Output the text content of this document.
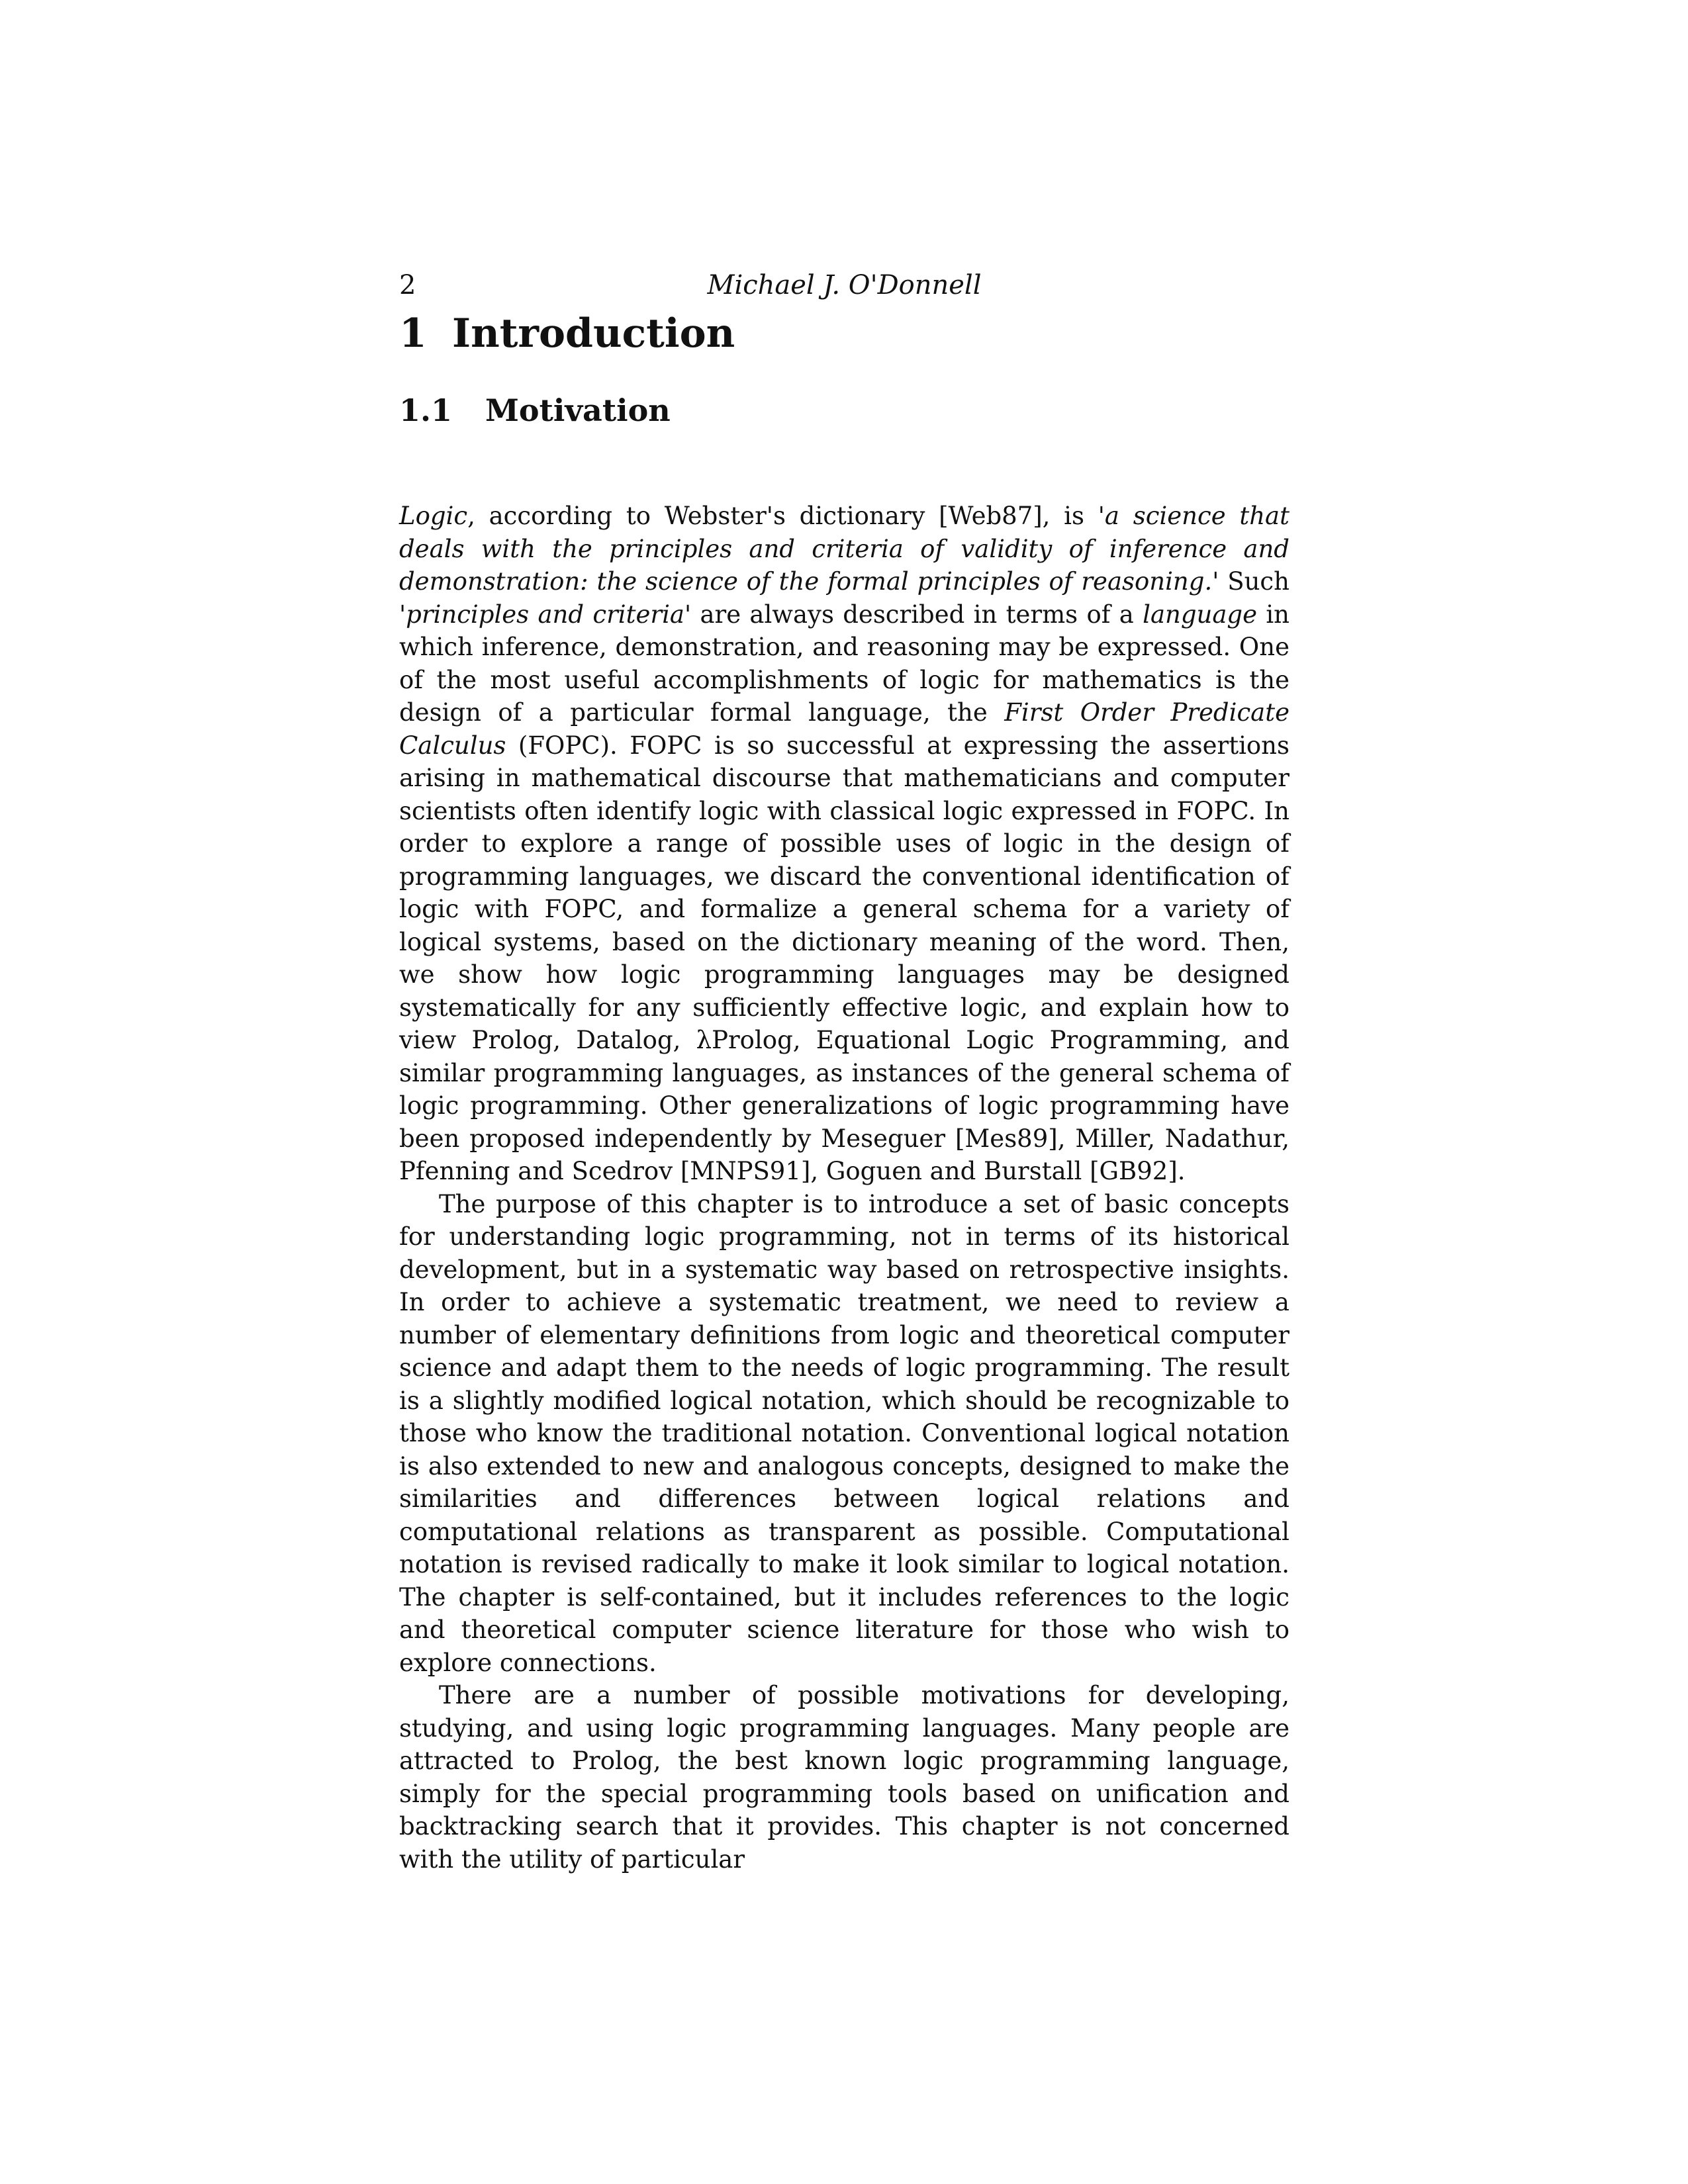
2	Michael J. O'Donnell
1 Introduction
1.1 Motivation

Logic, according to Webster's dictionary [Web87], is 'a science that deals with the principles and criteria of validity of inference and demonstration: the science of the formal principles of reasoning.' Such 'principles and criteria' are always described in terms of a language in which inference, demonstration, and reasoning may be expressed. One of the most useful accomplishments of logic for mathematics is the design of a particular formal language, the First Order Predicate Calculus (FOPC). FOPC is so successful at expressing the assertions arising in mathematical discourse that mathematicians and computer scientists often identify logic with classical logic expressed in FOPC. In order to explore a range of possible uses of logic in the design of programming languages, we discard the conventional identification of logic with FOPC, and formalize a general schema for a variety of logical systems, based on the dictionary meaning of the word. Then, we show how logic programming languages may be designed systematically for any sufficiently effective logic, and explain how to view Prolog, Datalog, λProlog, Equational Logic Programming, and similar programming languages, as instances of the general schema of logic programming. Other generalizations of logic programming have been proposed independently by Meseguer [Mes89], Miller, Nadathur, Pfenning and Scedrov [MNPS91], Goguen and Burstall [GB92].

The purpose of this chapter is to introduce a set of basic concepts for understanding logic programming, not in terms of its historical development, but in a systematic way based on retrospective insights. In order to achieve a systematic treatment, we need to review a number of elementary definitions from logic and theoretical computer science and adapt them to the needs of logic programming. The result is a slightly modified logical notation, which should be recognizable to those who know the traditional notation. Conventional logical notation is also extended to new and analogous concepts, designed to make the similarities and differences between logical relations and computational relations as transparent as possible. Computational notation is revised radically to make it look similar to logical notation. The chapter is self-contained, but it includes references to the logic and theoretical computer science literature for those who wish to explore connections.

There are a number of possible motivations for developing, studying, and using logic programming languages. Many people are attracted to Prolog, the best known logic programming language, simply for the special programming tools based on unification and backtracking search that it provides. This chapter is not concerned with the utility of particular
